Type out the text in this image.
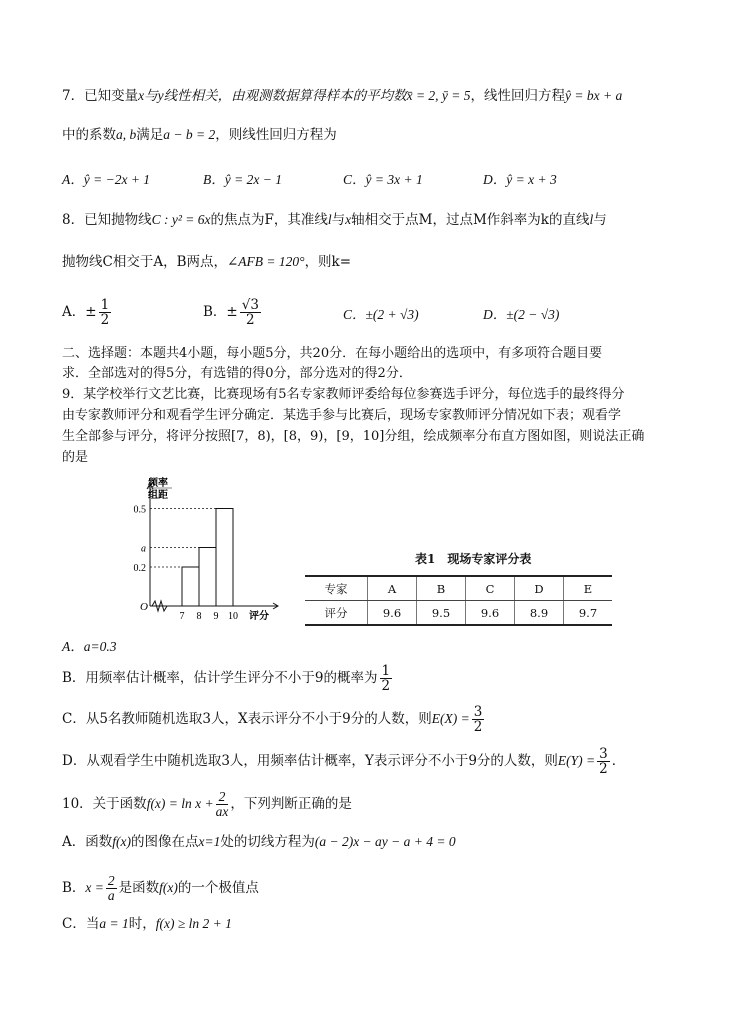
7．已知变量x与y线性相关，由观测数据算得样本的平均数x̄ = 2, ȳ = 5，线性回归方程ŷ = bx + a
中的系数a, b满足a − b = 2，则线性回归方程为
A．ŷ = −2x + 1	B．ŷ = 2x − 1	C．ŷ = 3x + 1	D．ŷ = x + 3
8．已知抛物线C : y² = 6x的焦点为F，其准线l与x轴相交于点M，过点M作斜率为k的直线l与
抛物线C相交于A，B两点，∠AFB = 120°，则k=
A．± $\frac{1}{2}$	B．± $\frac{√3}{2}$	C．±(2 + √3)	D．±(2 − √3)
二、选择题：本题共4小题，每小题5分，共20分．在每小题给出的选项中，有多项符合题目要
求．全部选对的得5分，有选错的得0分，部分选对的得2分．
9．某学校举行文艺比赛，比赛现场有5名专家教师评委给每位参赛选手评分，每位选手的最终得分
由专家教师评分和观看学生评分确定．某选手参与比赛后，现场专家教师评分情况如下表；观看学
生全部参与评分，将评分按照[7，8)，[8，9)，[9，10]分组，绘成频率分布直方图如图，则说法正确
的是
O
频率
组距
0.5
a
0.2
7 8 9 10 评分
表1　现场专家评分表
专家	A	B	C	D	E
评分	9.6	9.5	9.6	8.9	9.7
A．a=0.3
B．用频率估计概率，估计学生评分不小于9的概率为 $\frac{1}{2}$
C．从5名教师随机选取3人，X表示评分不小于9分的人数，则$E(X) = \frac{3}{2}$
D．从观看学生中随机选取3人，用频率估计概率，Y表示评分不小于9分的人数，则$E(Y) = \frac{3}{2}$ ．
10．关于函数$f(x) = \ln x + \frac{2}{ax}$ ，下列判断正确的是
A．函数f(x)的图像在点x=1处的切线方程为(a − 2)x − ay − a + 4 = 0
B．$x = \frac{2}{a}$ 是函数f(x)的一个极值点
C．当a = 1时，f(x) ≥ ln 2 + 1
